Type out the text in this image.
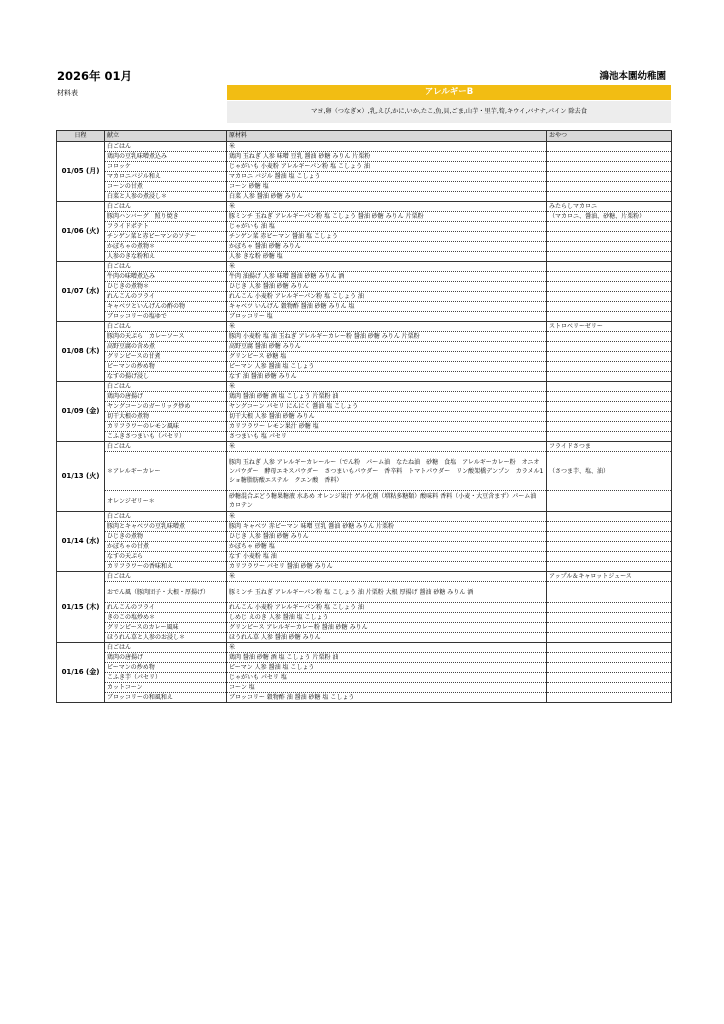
2026年 01月	鴻池本園幼稚園
材料表	アレルギーB
マヨ,卵（つなぎ×）,乳,えび,かに,いか,たこ,魚,貝,ごま,山芋・里芋,筍,キウイ,バナナ,パイン 除去食
日程	献立	原材料	おやつ
01/05 (月)	白ごはん	米	
	鶏肉の豆乳味噌煮込み	鶏肉 玉ねぎ 人参 味噌 豆乳 醤油 砂糖 みりん 片栗粉	
	コロッケ	じゃがいも 小麦粉 アレルギーパン粉 塩 こしょう 油	
	マカロニバジル和え	マカロニ バジル 醤油 塩 こしょう	
	コーンの甘煮	コーン 砂糖 塩	
	白菜と人参の煮浸し＊	白菜 人参 醤油 砂糖 みりん	
01/06 (火)	白ごはん	米	みたらしマカロニ
	豚肉ハンバーグ　照り焼き	豚ミンチ 玉ねぎ アレルギーパン粉 塩 こしょう 醤油 砂糖 みりん 片栗粉	（マカロニ、醤油、砂糖、片栗粉）
	フライドポテト	じゃがいも 油 塩	
	チンゲン菜と赤ピーマンのソテー	チンゲン菜 赤ピーマン 醤油 塩 こしょう	
	かぼちゃの煮物＊	かぼちゃ 醤油 砂糖 みりん	
	人参のきな粉和え	人参 きな粉 砂糖 塩	
01/07 (水)	白ごはん	米	
	牛肉の味噌煮込み	牛肉 油揚げ 人参 味噌 醤油 砂糖 みりん 酒	
	ひじきの煮物＊	ひじき 人参 醤油 砂糖 みりん	
	れんこんのフライ	れんこん 小麦粉 アレルギーパン粉 塩 こしょう 油	
	キャベツといんげんの酢の物	キャベツ いんげん 穀物酢 醤油 砂糖 みりん 塩	
	ブロッコリーの塩ゆで	ブロッコリー 塩	
01/08 (木)	白ごはん	米	ストロベリーゼリー
	豚肉の天ぷら　カレーソース	豚肉 小麦粉 塩 油 玉ねぎ アレルギーカレー粉 醤油 砂糖 みりん 片栗粉	
	高野豆腐の含め煮	高野豆腐 醤油 砂糖 みりん	
	グリンピースの甘煮	グリンピース 砂糖 塩	
	ピーマンの炒め物	ピーマン 人参 醤油 塩 こしょう	
	なすの揚げ浸し	なす 油 醤油 砂糖 みりん	
01/09 (金)	白ごはん	米	
	鶏肉の唐揚げ	鶏肉 醤油 砂糖 酒 塩 こしょう 片栗粉 油	
	ヤングコーンのガーリック炒め	ヤングコーン パセリ にんにく 醤油 塩 こしょう	
	切干大根の煮物	切干大根 人参 醤油 砂糖 みりん	
	カリフラワーのレモン風味	カリフラワー レモン果汁 砂糖 塩	
	こふきさつまいも（パセリ）	さつまいも 塩 パセリ	
01/13 (火)	白ごはん	米	フライドさつま
	＊アレルギーカレー	豚肉 玉ねぎ 人参 アレルギーカレールー（でん粉　パーム油　なたね油　砂糖　食塩　アレルギーカレー粉　オニオンパウダー　酵母エキスパウダー　さつまいもパウダー　香辛料　トマトパウダー　リン酸架橋デンプン　カラメル1　ショ糖脂肪酸エステル　クエン酸　香料）	（さつま芋、塩、油）
	オレンジゼリー＊	砂糖混合ぶどう糖果糖液 水あめ オレンジ果汁 ゲル化剤（増粘多糖類）酸味料 香料（小麦・大豆含まず）パーム油 カロテン	
01/14 (水)	白ごはん	米	
	豚肉とキャベツの豆乳味噌煮	豚肉 キャベツ 赤ピーマン 味噌 豆乳 醤油 砂糖 みりん 片栗粉	
	ひじきの煮物	ひじき 人参 醤油 砂糖 みりん	
	かぼちゃの甘煮	かぼちゃ 砂糖 塩	
	なすの天ぷら	なす 小麦粉 塩 油	
	カリフラワーの香味和え	カリフラワー パセリ 醤油 砂糖 みりん	
01/15 (木)	白ごはん	米	アップル＆キャロットジュース
	おでん風（豚肉団子・大根・厚揚げ）	豚ミンチ 玉ねぎ アレルギーパン粉 塩 こしょう 油 片栗粉 大根 厚揚げ 醤油 砂糖 みりん 酒	
	れんこんのフライ	れんこん 小麦粉 アレルギーパン粉 塩 こしょう 油	
	きのこの塩炒め＊	しめじ えのき 人参 醤油 塩 こしょう	
	グリンピースのカレー風味	グリンピース アレルギーカレー粉 醤油 砂糖 みりん	
	ほうれん草と人参のお浸し＊	ほうれん草 人参 醤油 砂糖 みりん	
01/16 (金)	白ごはん	米	
	鶏肉の唐揚げ	鶏肉 醤油 砂糖 酒 塩 こしょう 片栗粉 油	
	ピーマンの炒め物	ピーマン 人参 醤油 塩 こしょう	
	こふき芋（パセリ）	じゃがいも パセリ 塩	
	カットコーン	コーン 塩	
	ブロッコリーの和風和え	ブロッコリー 穀物酢 油 醤油 砂糖 塩 こしょう	
